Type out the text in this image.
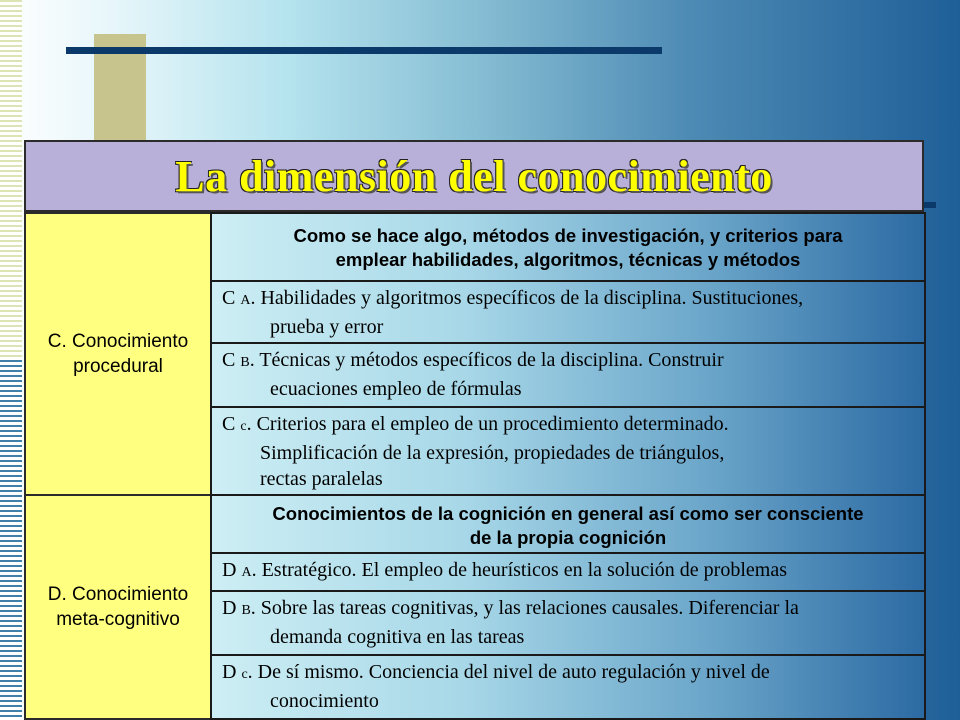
La dimensión del conocimiento
C. Conocimiento
procedural
Como se hace algo, métodos de investigación, y criterios para
emplear habilidades, algoritmos, técnicas y métodos
C A. Habilidades y algoritmos específicos de la disciplina. Sustituciones,
prueba y error
C B. Técnicas y métodos específicos de la disciplina. Construir
ecuaciones empleo de fórmulas
C c. Criterios para el empleo de un procedimiento determinado.
Simplificación de la expresión, propiedades de triángulos,
rectas paralelas
D. Conocimiento
meta-cognitivo
Conocimientos de la cognición en general así como ser consciente
de la propia cognición
D A. Estratégico. El empleo de heurísticos en la solución de problemas
D B. Sobre las tareas cognitivas, y las relaciones causales. Diferenciar la
demanda cognitiva en las tareas
D c. De sí mismo. Conciencia del nivel de auto regulación y nivel de
conocimiento
